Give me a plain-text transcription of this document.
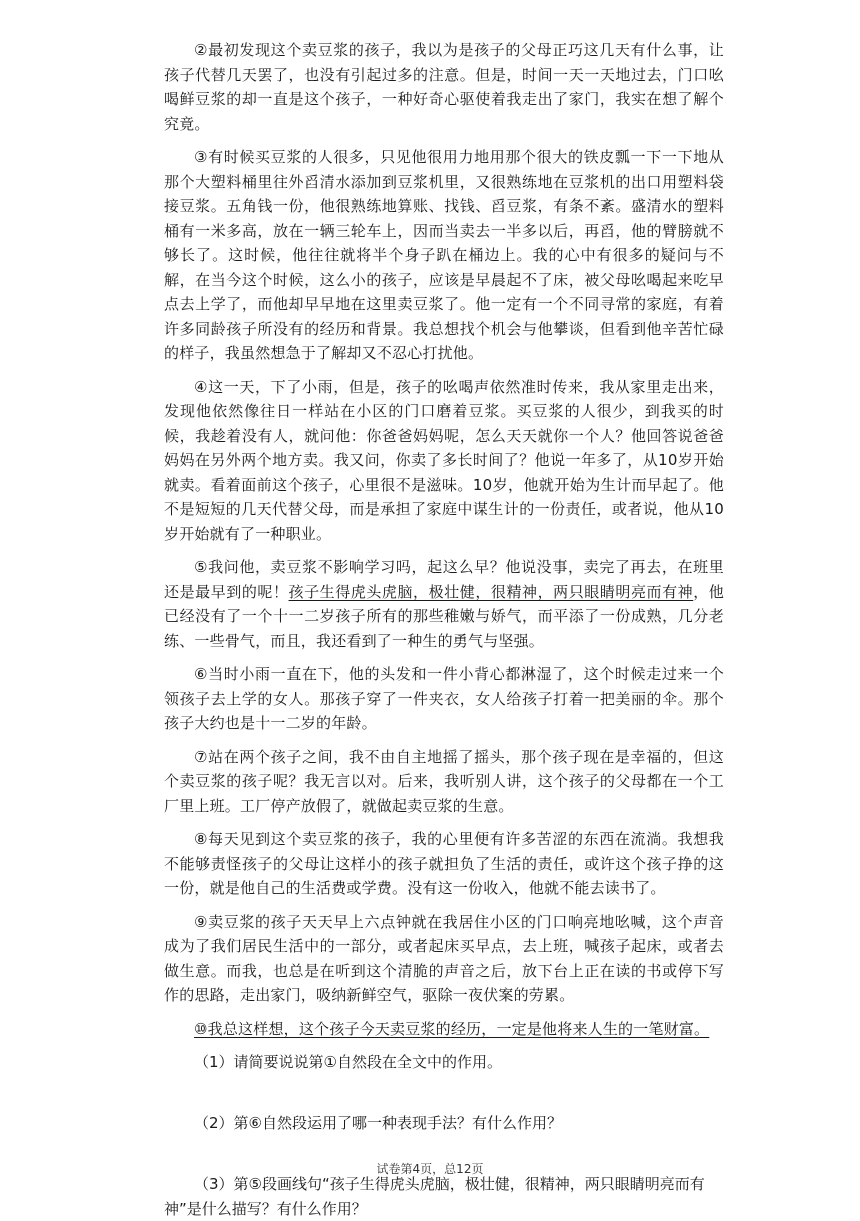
②最初发现这个卖豆浆的孩子，我以为是孩子的父母正巧这几天有什么事，让孩子代替几天罢了，也没有引起过多的注意。但是，时间一天一天地过去，门口吆喝鲜豆浆的却一直是这个孩子，一种好奇心驱使着我走出了家门，我实在想了解个究竟。

③有时候买豆浆的人很多，只见他很用力地用那个很大的铁皮瓢一下一下地从那个大塑料桶里往外舀清水添加到豆浆机里，又很熟练地在豆浆机的出口用塑料袋接豆浆。五角钱一份，他很熟练地算账、找钱、舀豆浆，有条不紊。盛清水的塑料桶有一米多高，放在一辆三轮车上，因而当卖去一半多以后，再舀，他的臂膀就不够长了。这时候，他往往就将半个身子趴在桶边上。我的心中有很多的疑问与不解，在当今这个时候，这么小的孩子，应该是早晨起不了床，被父母吆喝起来吃早点去上学了，而他却早早地在这里卖豆浆了。他一定有一个不同寻常的家庭，有着许多同龄孩子所没有的经历和背景。我总想找个机会与他攀谈，但看到他辛苦忙碌的样子，我虽然想急于了解却又不忍心打扰他。

④这一天，下了小雨，但是，孩子的吆喝声依然准时传来，我从家里走出来，发现他依然像往日一样站在小区的门口磨着豆浆。买豆浆的人很少，到我买的时候，我趁着没有人，就问他：你爸爸妈妈呢，怎么天天就你一个人？他回答说爸爸妈妈在另外两个地方卖。我又问，你卖了多长时间了？他说一年多了，从10岁开始就卖。看着面前这个孩子，心里很不是滋味。10岁，他就开始为生计而早起了。他不是短短的几天代替父母，而是承担了家庭中谋生计的一份责任，或者说，他从10岁开始就有了一种职业。

⑤我问他，卖豆浆不影响学习吗，起这么早？他说没事，卖完了再去，在班里还是最早到的呢！孩子生得虎头虎脑，极壮健，很精神，两只眼睛明亮而有神，他已经没有了一个十一二岁孩子所有的那些稚嫩与娇气，而平添了一份成熟，几分老练、一些骨气，而且，我还看到了一种生的勇气与坚强。

⑥当时小雨一直在下，他的头发和一件小背心都淋湿了，这个时候走过来一个领孩子去上学的女人。那孩子穿了一件夹衣，女人给孩子打着一把美丽的伞。那个孩子大约也是十一二岁的年龄。

⑦站在两个孩子之间，我不由自主地摇了摇头，那个孩子现在是幸福的，但这个卖豆浆的孩子呢？我无言以对。后来，我听别人讲，这个孩子的父母都在一个工厂里上班。工厂停产放假了，就做起卖豆浆的生意。

⑧每天见到这个卖豆浆的孩子，我的心里便有许多苦涩的东西在流淌。我想我不能够责怪孩子的父母让这样小的孩子就担负了生活的责任，或许这个孩子挣的这一份，就是他自己的生活费或学费。没有这一份收入，他就不能去读书了。

⑨卖豆浆的孩子天天早上六点钟就在我居住小区的门口响亮地吆喊，这个声音成为了我们居民生活中的一部分，或者起床买早点，去上班，喊孩子起床，或者去做生意。而我，也总是在听到这个清脆的声音之后，放下台上正在读的书或停下写作的思路，走出家门，吸纳新鲜空气，驱除一夜伏案的劳累。

⑩我总这样想，这个孩子今天卖豆浆的经历，一定是他将来人生的一笔财富。

（1）请简要说说第①自然段在全文中的作用。

（2）第⑥自然段运用了哪一种表现手法？有什么作用？

（3）第⑤段画线句“孩子生得虎头虎脑，极壮健，很精神，两只眼睛明亮而有神”是什么描写？有什么作用？

试卷第4页，总12页
